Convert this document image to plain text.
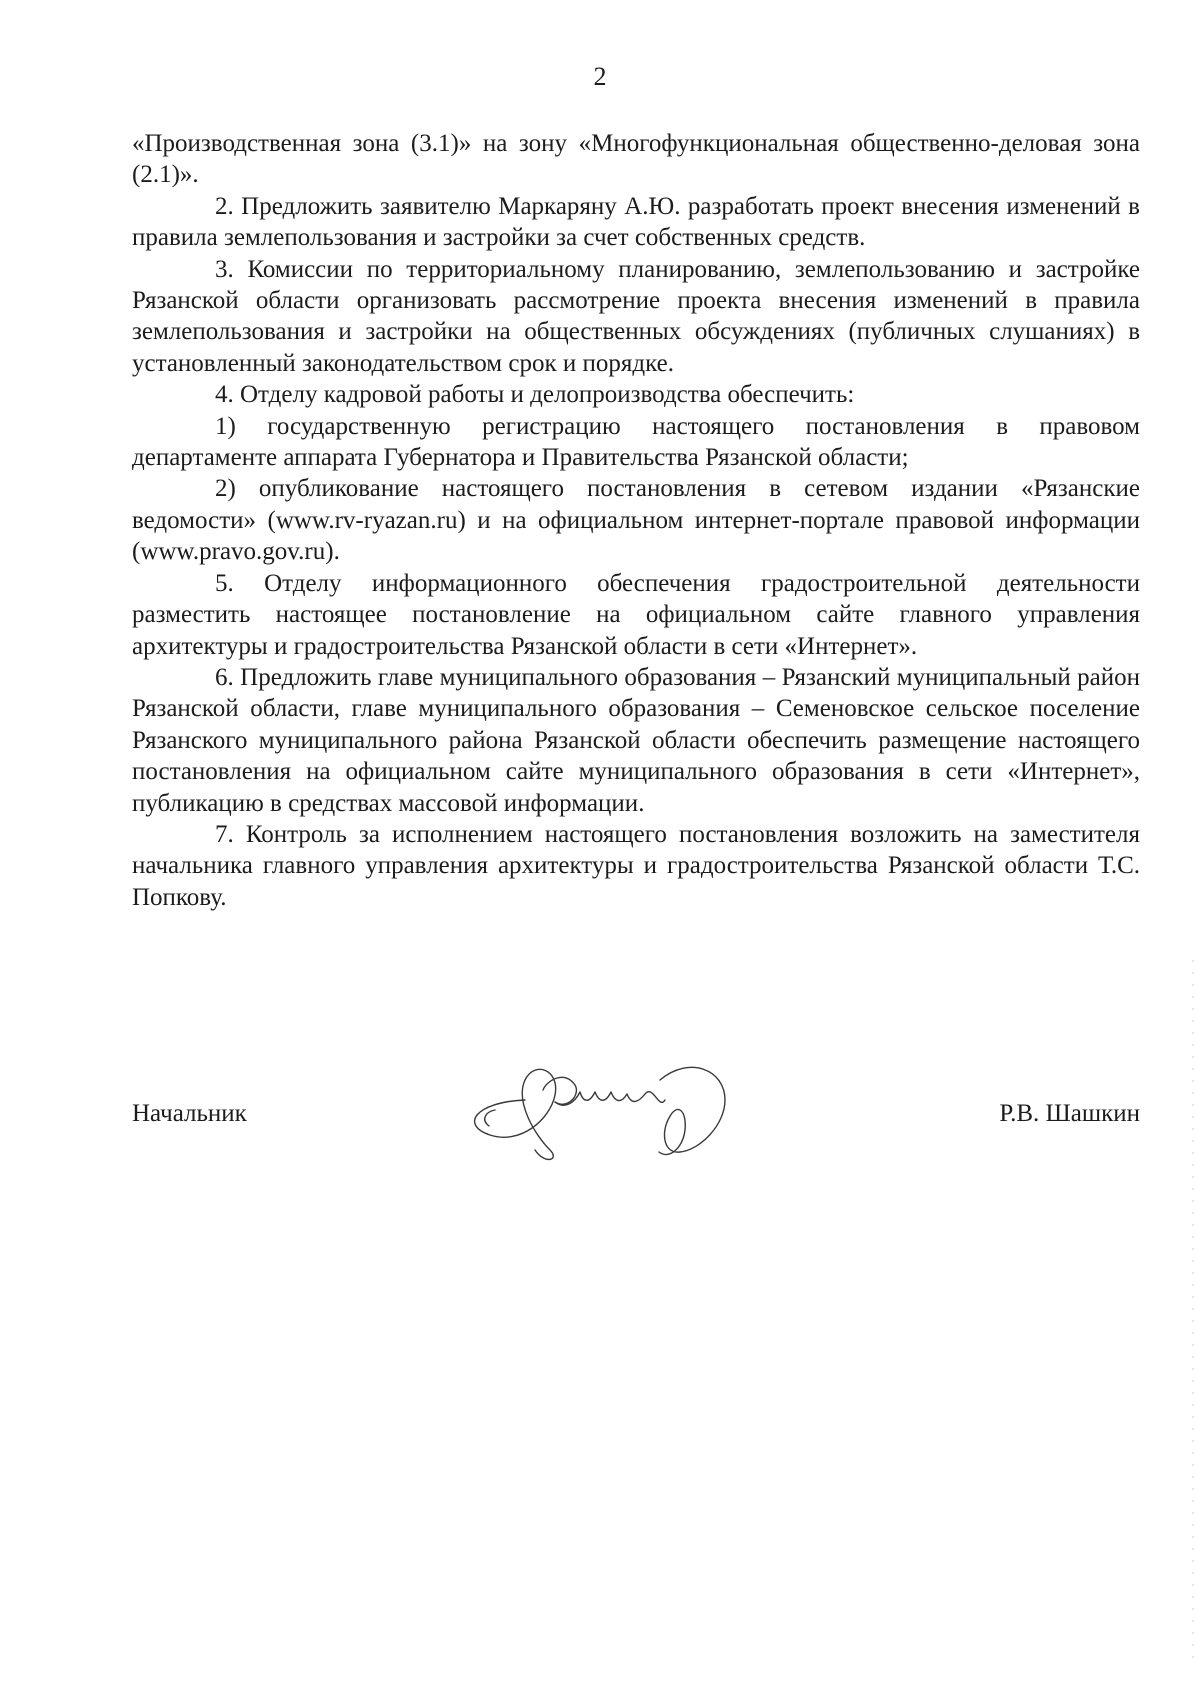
2

«Производственная зона (3.1)» на зону «Многофункциональная общественно-деловая зона (2.1)».

2. Предложить заявителю Маркаряну А.Ю. разработать проект внесения изменений в правила землепользования и застройки за счет собственных средств.

3. Комиссии по территориальному планированию, землепользованию и застройке Рязанской области организовать рассмотрение проекта внесения изменений в правила землепользования и застройки на общественных обсуждениях (публичных слушаниях) в установленный законодательством срок и порядке.

4. Отделу кадровой работы и делопроизводства обеспечить:

1) государственную регистрацию настоящего постановления в правовом департаменте аппарата Губернатора и Правительства Рязанской области;

2) опубликование настоящего постановления в сетевом издании «Рязанские ведомости» (www.rv-ryazan.ru) и на официальном интернет-портале правовой информации (www.pravo.gov.ru).

5. Отделу информационного обеспечения градостроительной деятельности разместить настоящее постановление на официальном сайте главного управления архитектуры и градостроительства Рязанской области в сети «Интернет».

6. Предложить главе муниципального образования – Рязанский муниципальный район Рязанской области, главе муниципального образования – Семеновское сельское поселение Рязанского муниципального района Рязанской области обеспечить размещение настоящего постановления на официальном сайте муниципального образования в сети «Интернет», публикацию в средствах массовой информации.

7. Контроль за исполнением настоящего постановления возложить на заместителя начальника главного управления архитектуры и градостроительства Рязанской области Т.С. Попкову.

Начальник	Р.В. Шашкин
